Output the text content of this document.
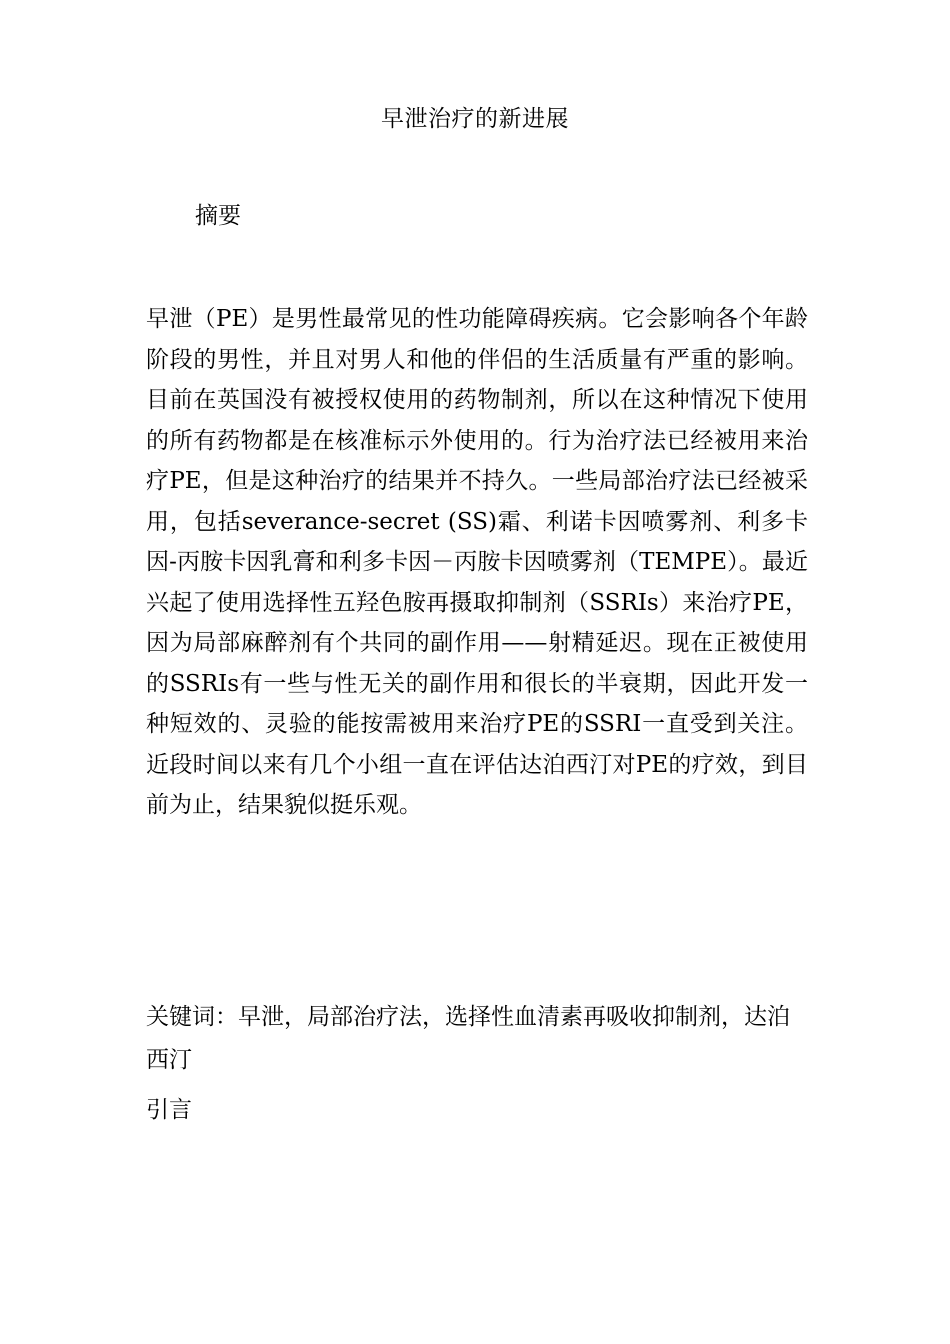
早泄治疗的新进展
摘要
早泄（PE）是男性最常见的性功能障碍疾病。它会影响各个年龄阶段的男性，并且对男人和他的伴侣的生活质量有严重的影响。目前在英国没有被授权使用的药物制剂，所以在这种情况下使用的所有药物都是在核准标示外使用的。行为治疗法已经被用来治疗PE，但是这种治疗的结果并不持久。一些局部治疗法已经被采用，包括severance-secret (SS)霜、利诺卡因喷雾剂、利多卡因-丙胺卡因乳膏和利多卡因－丙胺卡因喷雾剂（TEMPE）。最近兴起了使用选择性五羟色胺再摄取抑制剂（SSRIs）来治疗PE，因为局部麻醉剂有个共同的副作用——射精延迟。现在正被使用的SSRIs有一些与性无关的副作用和很长的半衰期，因此开发一种短效的、灵验的能按需被用来治疗PE的SSRI一直受到关注。近段时间以来有几个小组一直在评估达泊西汀对PE的疗效，到目前为止，结果貌似挺乐观。
关键词：早泄，局部治疗法，选择性血清素再吸收抑制剂，达泊西汀
引言
